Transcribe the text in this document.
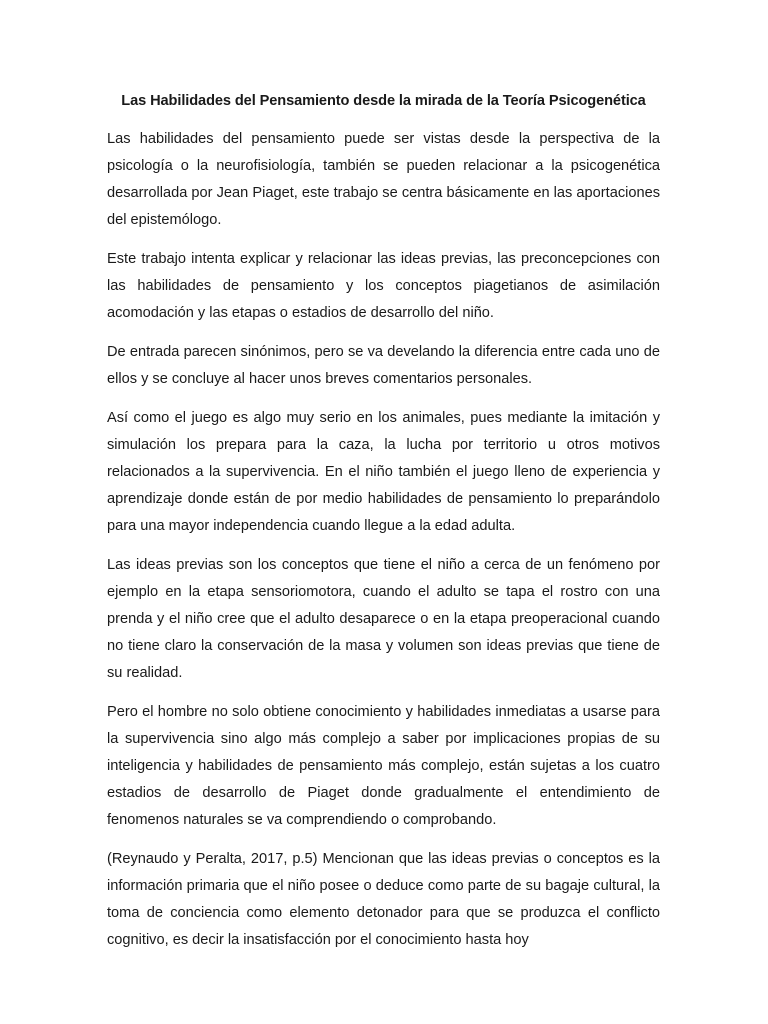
Las Habilidades del Pensamiento desde la mirada de la Teoría Psicogenética

Las habilidades del pensamiento puede ser vistas desde la perspectiva de la psicología o la neurofisiología, también se pueden relacionar a la psicogenética desarrollada por Jean Piaget, este trabajo se centra básicamente en las aportaciones del epistemólogo.

Este trabajo intenta explicar y relacionar las ideas previas, las preconcepciones con las habilidades de pensamiento y los conceptos piagetianos de asimilación acomodación y las etapas o estadios de desarrollo del niño.

De entrada parecen sinónimos, pero se va develando la diferencia entre cada uno de ellos y se concluye al hacer unos breves comentarios personales.

Así como el juego es algo muy serio en los animales, pues mediante la imitación y simulación los prepara para la caza, la lucha por territorio u otros motivos relacionados a la supervivencia. En el niño también el juego lleno de experiencia y aprendizaje donde están de por medio habilidades de pensamiento lo preparándolo para una mayor independencia cuando llegue a la edad adulta.

Las ideas previas son los conceptos que tiene el niño a cerca de un fenómeno por ejemplo en la etapa sensoriomotora, cuando el adulto se tapa el rostro con una prenda y el niño cree que el adulto desaparece o en la etapa preoperacional cuando no tiene claro la conservación de la masa y volumen son ideas previas que tiene de su realidad.

Pero el hombre no solo obtiene conocimiento y habilidades inmediatas a usarse para la supervivencia sino algo más complejo a saber por implicaciones propias de su inteligencia y habilidades de pensamiento más complejo, están sujetas a los cuatro estadios de desarrollo de Piaget donde gradualmente el entendimiento de fenomenos naturales se va comprendiendo o comprobando.

(Reynaudo y Peralta, 2017, p.5) Mencionan que las ideas previas o conceptos es la información primaria que el niño posee o deduce como parte de su bagaje cultural, la toma de conciencia como elemento detonador para que se produzca el conflicto cognitivo, es decir la insatisfacción por el conocimiento hasta hoy
